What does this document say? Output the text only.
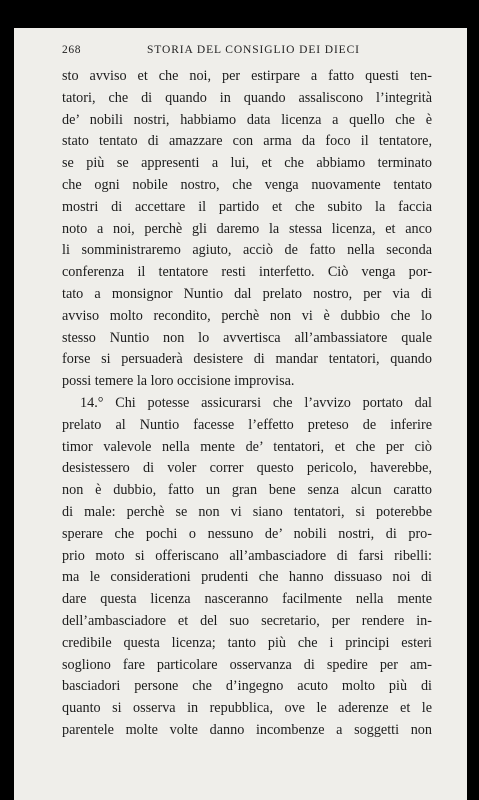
268	STORIA DEL CONSIGLIO DEI DIECI
sto avviso et che noi, per estirpare a fatto questi ten-
tatori, che di quando in quando assaliscono l’integrità
de’ nobili nostri, habbiamo data licenza a quello che è
stato tentato di amazzare con arma da foco il tentatore,
se più se appresenti a lui, et che abbiamo terminato
che ogni nobile nostro, che venga nuovamente tentato
mostri di accettare il partido et che subito la faccia
noto a noi, perchè gli daremo la stessa licenza, et anco
li somministraremo agiuto, acciò de fatto nella seconda
conferenza il tentatore resti interfetto. Ciò venga por-
tato a monsignor Nuntio dal prelato nostro, per via di
avviso molto recondito, perchè non vi è dubbio che lo
stesso Nuntio non lo avvertisca all’ambassiatore quale
forse si persuaderà desistere di mandar tentatori, quando
possi temere la loro occisione improvisa.
14.° Chi potesse assicurarsi che l’avvizo portato dal
prelato al Nuntio facesse l’effetto preteso de inferire
timor valevole nella mente de’ tentatori, et che per ciò
desistessero di voler correr questo pericolo, haverebbe,
non è dubbio, fatto un gran bene senza alcun caratto
di male: perchè se non vi siano tentatori, si poterebbe
sperare che pochi o nessuno de’ nobili nostri, di pro-
prio moto si offeriscano all’ambasciadore di farsi ribelli:
ma le considerationi prudenti che hanno dissuaso noi di
dare questa licenza nasceranno facilmente nella mente
dell’ambasciadore et del suo secretario, per rendere in-
credibile questa licenza; tanto più che i principi esteri
sogliono fare particolare osservanza di spedire per am-
basciadori persone che d’ingegno acuto molto più di
quanto si osserva in repubblica, ove le aderenze et le
parentele molte volte danno incombenze a soggetti non
